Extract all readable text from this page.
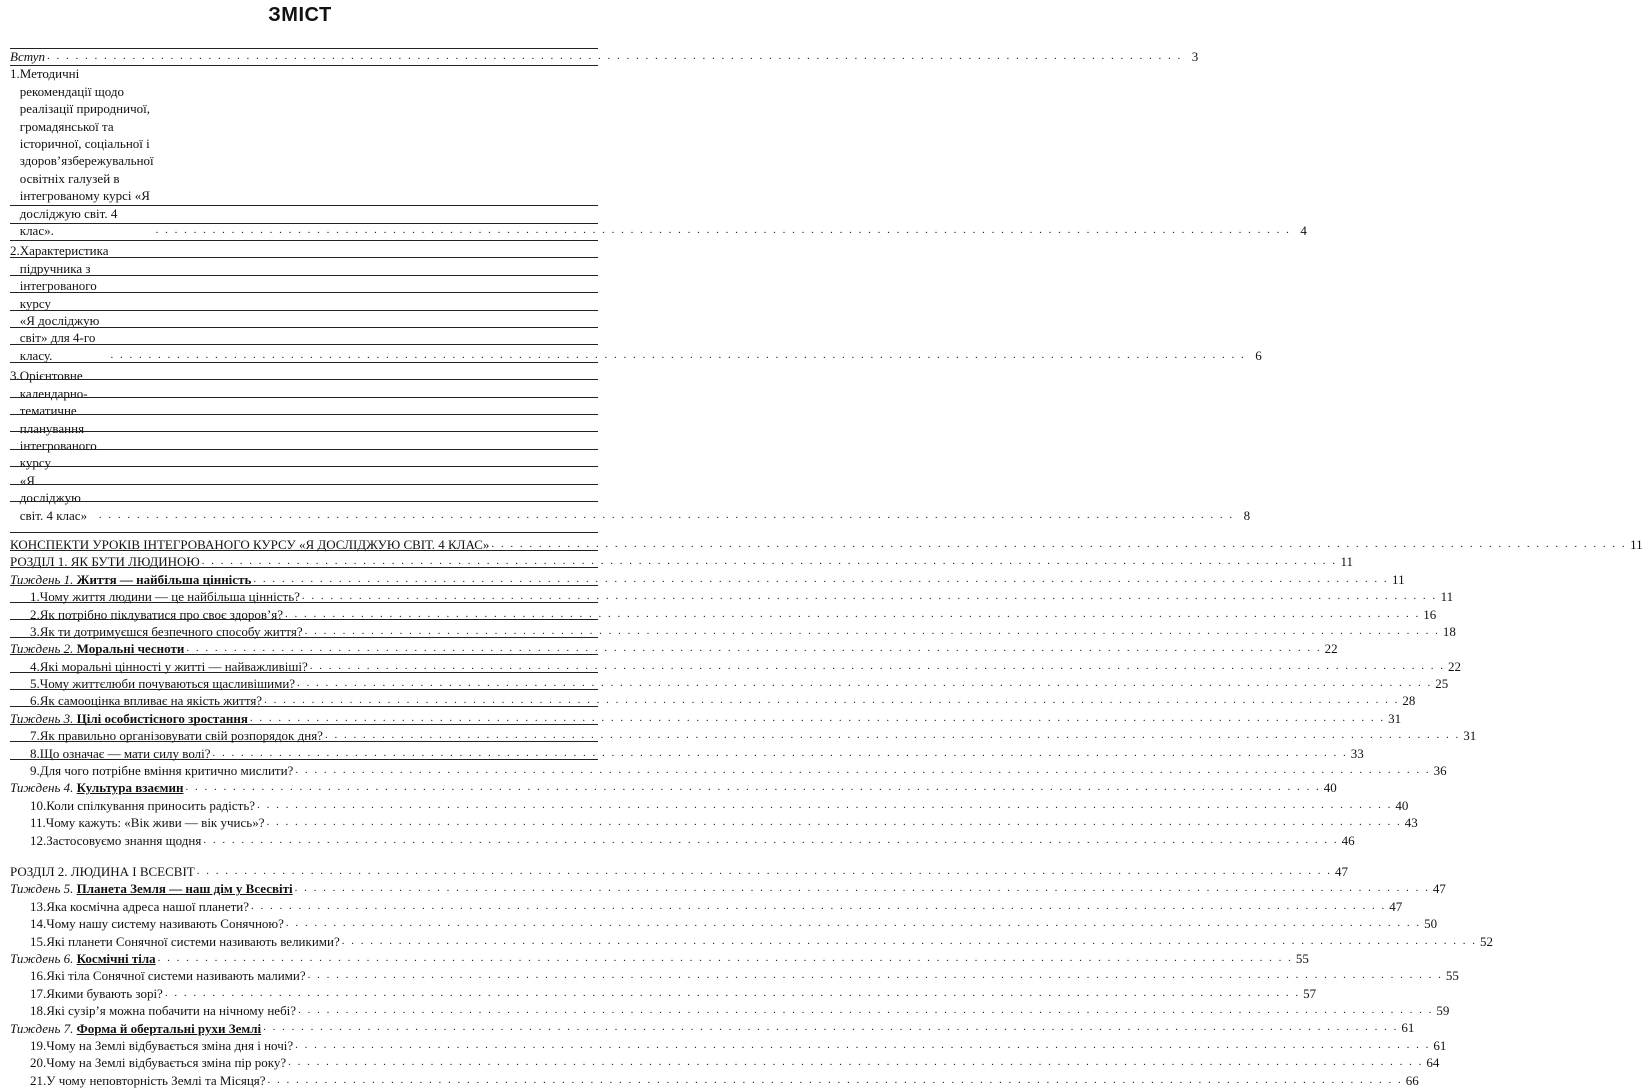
ЗМІСТ
Вступ . . . . . . . . . . . . . . . . . . . . . . . . . . . . . . . . . . . . . . . . . . . . . . . . . . . . . . . . . . . . . . . . . . . . . . . . . . . . . . . . . . . . . . . . . . . . . . . . . . . . . . . . . . . . . . . . . . . . . . . . 3
1. Методичні рекомендації щодо реалізації природничої,
громадянської та історичної, соціальної і здоров’язбережувальної
освітніх галузей в інтегрованому курсі «Я досліджую світ. 4 клас».	. . . . . . . . . . . . . . . . . . . . . . . . . . . . . . . . . . . . . . . . . . . . . . . . . . . . . . . . . . . . . . . . . . . . . . . . . . . . . . . . . . . . . . . . . . . . . . . . . . . . . . . . . . . . . . . . . . . . . . . . 4
2. Характеристика підручника з інтегрованого курсу
«Я досліджую світ» для 4-го класу.	. . . . . . . . . . . . . . . . . . . . . . . . . . . . . . . . . . . . . . . . . . . . . . . . . . . . . . . . . . . . . . . . . . . . . . . . . . . . . . . . . . . . . . . . . . . . . . . . . . . . . . . . . . . . . . . . . . . . . . . . 6
3. Орієнтовне календарно-тематичне планування інтегрованого курсу
«Я досліджую світ. 4 клас»	. . . . . . . . . . . . . . . . . . . . . . . . . . . . . . . . . . . . . . . . . . . . . . . . . . . . . . . . . . . . . . . . . . . . . . . . . . . . . . . . . . . . . . . . . . . . . . . . . . . . . . . . . . . . . . . . . . . . . . . . 8
КОНСПЕКТИ УРОКІВ ІНТЕГРОВАНОГО КУРСУ «Я ДОСЛІДЖУЮ СВІТ. 4 КЛАС» . . . . . . . . . . . . . . . . . . . . . . . . . . . . . . . . . . . . . . . . . . . . . . . . . . . . . . . . . . . . . . . . . . . . . . . . . . . . . . . . . . . . . . . . . . . . . . . . . . . . . . . . . . . . . . . . . . . . . . . . 11
РОЗДІЛ 1. ЯК БУТИ ЛЮДИНОЮ . . . . . . . . . . . . . . . . . . . . . . . . . . . . . . . . . . . . . . . . . . . . . . . . . . . . . . . . . . . . . . . . . . . . . . . . . . . . . . . . . . . . . . . . . . . . . . . . . . . . . . . . . . . . . . . . . . . . . . . . 11
Тиждень 1. Життя — найбільша цінність . . . . . . . . . . . . . . . . . . . . . . . . . . . . . . . . . . . . . . . . . . . . . . . . . . . . . . . . . . . . . . . . . . . . . . . . . . . . . . . . . . . . . . . . . . . . . . . . . . . . . . . . . . . . . . . . . . . . . . . . 11
1.Чому життя людини — це найбільша цінність? . . . . . . . . . . . . . . . . . . . . . . . . . . . . . . . . . . . . . . . . . . . . . . . . . . . . . . . . . . . . . . . . . . . . . . . . . . . . . . . . . . . . . . . . . . . . . . . . . . . . . . . . . . . . . . . . . . . . . . . . 11
2.Як потрібно піклуватися про своє здоров’я? . . . . . . . . . . . . . . . . . . . . . . . . . . . . . . . . . . . . . . . . . . . . . . . . . . . . . . . . . . . . . . . . . . . . . . . . . . . . . . . . . . . . . . . . . . . . . . . . . . . . . . . . . . . . . . . . . . . . . . . . 16
3.Як ти дотримуєшся безпечного способу життя? . . . . . . . . . . . . . . . . . . . . . . . . . . . . . . . . . . . . . . . . . . . . . . . . . . . . . . . . . . . . . . . . . . . . . . . . . . . . . . . . . . . . . . . . . . . . . . . . . . . . . . . . . . . . . . . . . . . . . . . . 18
Тиждень 2. Моральні чесноти . . . . . . . . . . . . . . . . . . . . . . . . . . . . . . . . . . . . . . . . . . . . . . . . . . . . . . . . . . . . . . . . . . . . . . . . . . . . . . . . . . . . . . . . . . . . . . . . . . . . . . . . . . . . . . . . . . . . . . . . 22
4.Які моральні цінності у житті — найважливіші? . . . . . . . . . . . . . . . . . . . . . . . . . . . . . . . . . . . . . . . . . . . . . . . . . . . . . . . . . . . . . . . . . . . . . . . . . . . . . . . . . . . . . . . . . . . . . . . . . . . . . . . . . . . . . . . . . . . . . . . . 22
5.Чому життєлюби почуваються щасливішими? . . . . . . . . . . . . . . . . . . . . . . . . . . . . . . . . . . . . . . . . . . . . . . . . . . . . . . . . . . . . . . . . . . . . . . . . . . . . . . . . . . . . . . . . . . . . . . . . . . . . . . . . . . . . . . . . . . . . . . . . 25
6.Як самооцінка впливає на якість життя? . . . . . . . . . . . . . . . . . . . . . . . . . . . . . . . . . . . . . . . . . . . . . . . . . . . . . . . . . . . . . . . . . . . . . . . . . . . . . . . . . . . . . . . . . . . . . . . . . . . . . . . . . . . . . . . . . . . . . . . . 28
Тиждень 3. Цілі особистісного зростання . . . . . . . . . . . . . . . . . . . . . . . . . . . . . . . . . . . . . . . . . . . . . . . . . . . . . . . . . . . . . . . . . . . . . . . . . . . . . . . . . . . . . . . . . . . . . . . . . . . . . . . . . . . . . . . . . . . . . . . . 31
7.Як правильно організовувати свій розпорядок дня? . . . . . . . . . . . . . . . . . . . . . . . . . . . . . . . . . . . . . . . . . . . . . . . . . . . . . . . . . . . . . . . . . . . . . . . . . . . . . . . . . . . . . . . . . . . . . . . . . . . . . . . . . . . . . . . . . . . . . . . . 31
8.Що означає — мати силу волі? . . . . . . . . . . . . . . . . . . . . . . . . . . . . . . . . . . . . . . . . . . . . . . . . . . . . . . . . . . . . . . . . . . . . . . . . . . . . . . . . . . . . . . . . . . . . . . . . . . . . . . . . . . . . . . . . . . . . . . . . 33
9.Для чого потрібне вміння критично мислити? . . . . . . . . . . . . . . . . . . . . . . . . . . . . . . . . . . . . . . . . . . . . . . . . . . . . . . . . . . . . . . . . . . . . . . . . . . . . . . . . . . . . . . . . . . . . . . . . . . . . . . . . . . . . . . . . . . . . . . . . 36
Тиждень 4. Культура взаємин . . . . . . . . . . . . . . . . . . . . . . . . . . . . . . . . . . . . . . . . . . . . . . . . . . . . . . . . . . . . . . . . . . . . . . . . . . . . . . . . . . . . . . . . . . . . . . . . . . . . . . . . . . . . . . . . . . . . . . . . 40
10.Коли спілкування приносить радість? . . . . . . . . . . . . . . . . . . . . . . . . . . . . . . . . . . . . . . . . . . . . . . . . . . . . . . . . . . . . . . . . . . . . . . . . . . . . . . . . . . . . . . . . . . . . . . . . . . . . . . . . . . . . . . . . . . . . . . . . 40
11.Чому кажуть: «Вік живи — вік учись»? . . . . . . . . . . . . . . . . . . . . . . . . . . . . . . . . . . . . . . . . . . . . . . . . . . . . . . . . . . . . . . . . . . . . . . . . . . . . . . . . . . . . . . . . . . . . . . . . . . . . . . . . . . . . . . . . . . . . . . . . 43
12.Застосовуємо знання щодня . . . . . . . . . . . . . . . . . . . . . . . . . . . . . . . . . . . . . . . . . . . . . . . . . . . . . . . . . . . . . . . . . . . . . . . . . . . . . . . . . . . . . . . . . . . . . . . . . . . . . . . . . . . . . . . . . . . . . . . . 46
РОЗДІЛ 2. ЛЮДИНА І ВСЕСВІТ . . . . . . . . . . . . . . . . . . . . . . . . . . . . . . . . . . . . . . . . . . . . . . . . . . . . . . . . . . . . . . . . . . . . . . . . . . . . . . . . . . . . . . . . . . . . . . . . . . . . . . . . . . . . . . . . . . . . . . . . 47
Тиждень 5. Планета Земля — наш дім у Всесвіті . . . . . . . . . . . . . . . . . . . . . . . . . . . . . . . . . . . . . . . . . . . . . . . . . . . . . . . . . . . . . . . . . . . . . . . . . . . . . . . . . . . . . . . . . . . . . . . . . . . . . . . . . . . . . . . . . . . . . . . . 47
13.Яка космічна адреса нашої планети? . . . . . . . . . . . . . . . . . . . . . . . . . . . . . . . . . . . . . . . . . . . . . . . . . . . . . . . . . . . . . . . . . . . . . . . . . . . . . . . . . . . . . . . . . . . . . . . . . . . . . . . . . . . . . . . . . . . . . . . . 47
14.Чому нашу систему називають Сонячною? . . . . . . . . . . . . . . . . . . . . . . . . . . . . . . . . . . . . . . . . . . . . . . . . . . . . . . . . . . . . . . . . . . . . . . . . . . . . . . . . . . . . . . . . . . . . . . . . . . . . . . . . . . . . . . . . . . . . . . . . 50
15.Які планети Сонячної системи називають великими? . . . . . . . . . . . . . . . . . . . . . . . . . . . . . . . . . . . . . . . . . . . . . . . . . . . . . . . . . . . . . . . . . . . . . . . . . . . . . . . . . . . . . . . . . . . . . . . . . . . . . . . . . . . . . . . . . . . . . . . . 52
Тиждень 6. Космічні тіла . . . . . . . . . . . . . . . . . . . . . . . . . . . . . . . . . . . . . . . . . . . . . . . . . . . . . . . . . . . . . . . . . . . . . . . . . . . . . . . . . . . . . . . . . . . . . . . . . . . . . . . . . . . . . . . . . . . . . . . . 55
16.Які тіла Сонячної системи називають малими? . . . . . . . . . . . . . . . . . . . . . . . . . . . . . . . . . . . . . . . . . . . . . . . . . . . . . . . . . . . . . . . . . . . . . . . . . . . . . . . . . . . . . . . . . . . . . . . . . . . . . . . . . . . . . . . . . . . . . . . . 55
17.Якими бувають зорі? . . . . . . . . . . . . . . . . . . . . . . . . . . . . . . . . . . . . . . . . . . . . . . . . . . . . . . . . . . . . . . . . . . . . . . . . . . . . . . . . . . . . . . . . . . . . . . . . . . . . . . . . . . . . . . . . . . . . . . . . 57
18.Які сузір’я можна побачити на нічному небі? . . . . . . . . . . . . . . . . . . . . . . . . . . . . . . . . . . . . . . . . . . . . . . . . . . . . . . . . . . . . . . . . . . . . . . . . . . . . . . . . . . . . . . . . . . . . . . . . . . . . . . . . . . . . . . . . . . . . . . . . 59
Тиждень 7. Форма й обертальні рухи Землі . . . . . . . . . . . . . . . . . . . . . . . . . . . . . . . . . . . . . . . . . . . . . . . . . . . . . . . . . . . . . . . . . . . . . . . . . . . . . . . . . . . . . . . . . . . . . . . . . . . . . . . . . . . . . . . . . . . . . . . . 61
19.Чому на Землі відбувається зміна дня і ночі? . . . . . . . . . . . . . . . . . . . . . . . . . . . . . . . . . . . . . . . . . . . . . . . . . . . . . . . . . . . . . . . . . . . . . . . . . . . . . . . . . . . . . . . . . . . . . . . . . . . . . . . . . . . . . . . . . . . . . . . . 61
20.Чому на Землі відбувається зміна пір року? . . . . . . . . . . . . . . . . . . . . . . . . . . . . . . . . . . . . . . . . . . . . . . . . . . . . . . . . . . . . . . . . . . . . . . . . . . . . . . . . . . . . . . . . . . . . . . . . . . . . . . . . . . . . . . . . . . . . . . . . 64
21.У чому неповторність Землі та Місяця? . . . . . . . . . . . . . . . . . . . . . . . . . . . . . . . . . . . . . . . . . . . . . . . . . . . . . . . . . . . . . . . . . . . . . . . . . . . . . . . . . . . . . . . . . . . . . . . . . . . . . . . . . . . . . . . . . . . . . . . . 66
